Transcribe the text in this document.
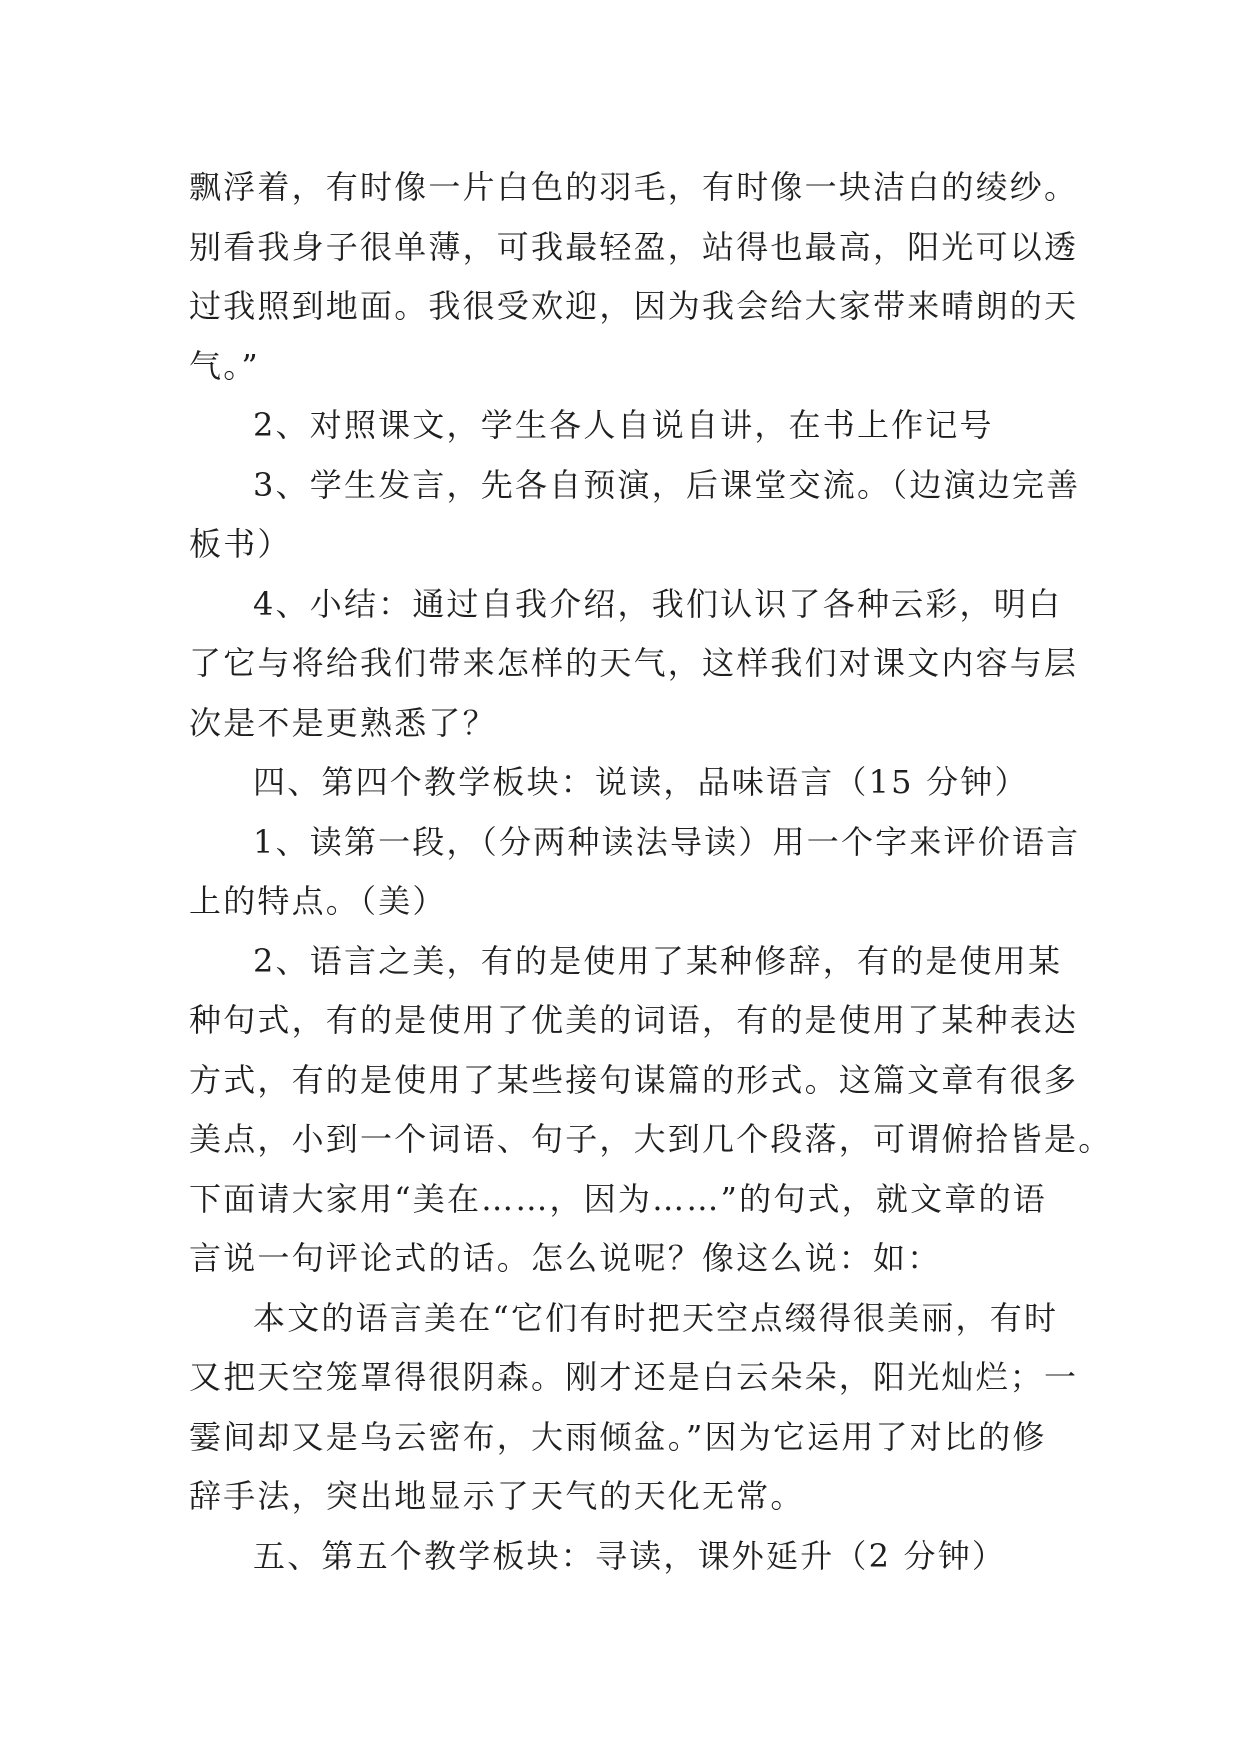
飘浮着，有时像一片白色的羽毛，有时像一块洁白的绫纱。
别看我身子很单薄，可我最轻盈，站得也最高，阳光可以透
过我照到地面。我很受欢迎，因为我会给大家带来晴朗的天
气。”
2、对照课文，学生各人自说自讲，在书上作记号
3、学生发言，先各自预演，后课堂交流。（边演边完善
板书）
4、小结：通过自我介绍，我们认识了各种云彩，明白
了它与将给我们带来怎样的天气，这样我们对课文内容与层
次是不是更熟悉了？
四、第四个教学板块：说读，品味语言（15 分钟）
1、读第一段，（分两种读法导读）用一个字来评价语言
上的特点。（美）
2、语言之美，有的是使用了某种修辞，有的是使用某
种句式，有的是使用了优美的词语，有的是使用了某种表达
方式，有的是使用了某些接句谋篇的形式。这篇文章有很多
美点，小到一个词语、句子，大到几个段落，可谓俯拾皆是。
下面请大家用“美在……，因为……”的句式，就文章的语
言说一句评论式的话。怎么说呢？像这么说：如：
本文的语言美在“它们有时把天空点缀得很美丽，有时
又把天空笼罩得很阴森。刚才还是白云朵朵，阳光灿烂；一
霎间却又是乌云密布，大雨倾盆。”因为它运用了对比的修
辞手法，突出地显示了天气的天化无常。
五、第五个教学板块：寻读，课外延升（2 分钟）
